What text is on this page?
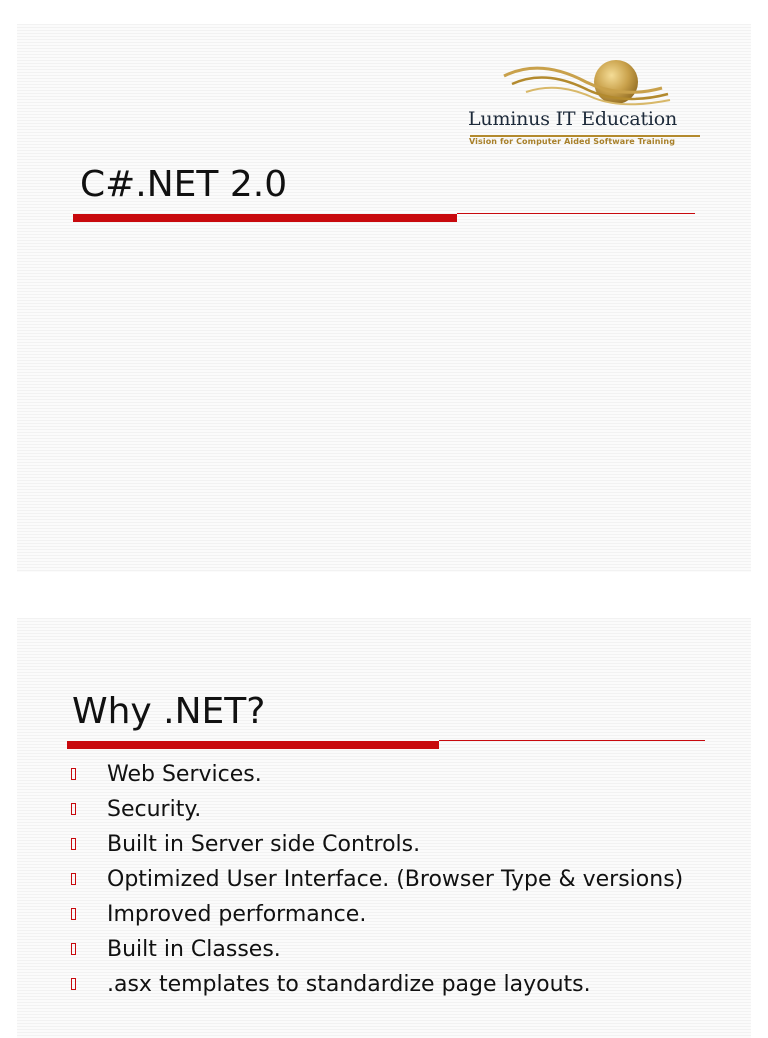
Luminus IT Education
Vision for Computer Aided Software Training
C#.NET 2.0
Why .NET?
Web Services.
Security.
Built in Server side Controls.
Optimized User Interface. (Browser Type & versions)
Improved performance.
Built in Classes.
.asx templates to standardize page layouts.
